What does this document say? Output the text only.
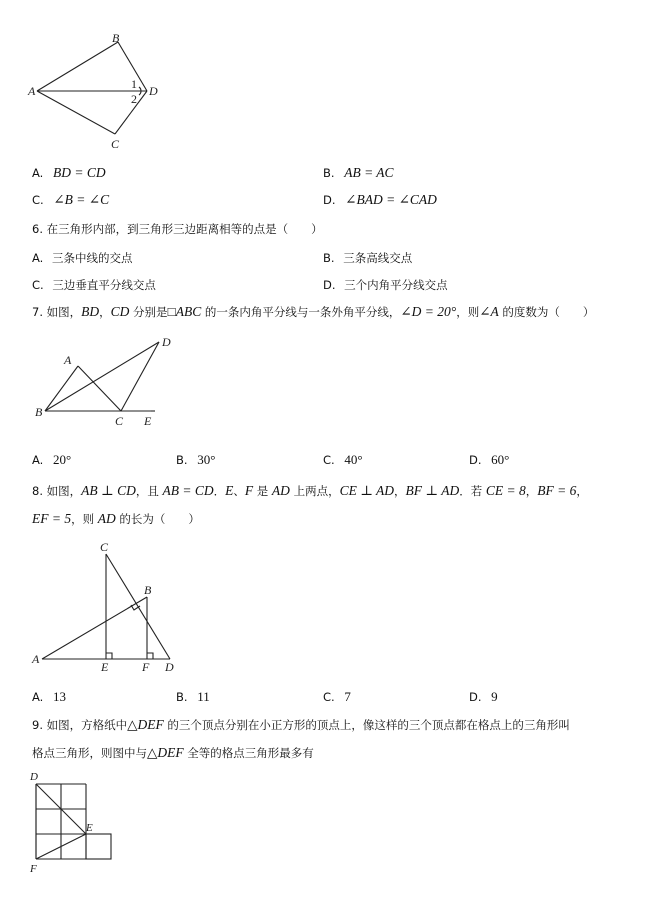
A
B
C
D
1
2
A. BD = CD	B. AB = AC
C. ∠B = ∠C	D. ∠BAD = ∠CAD
6. 在三角形内部，到三角形三边距离相等的点是（　　）
A. 三条中线的交点	B. 三条高线交点
C. 三边垂直平分线交点	D. 三个内角平分线交点
7. 如图，BD，CD 分别是□ABC 的一条内角平分线与一条外角平分线，∠D = 20°，则∠A 的度数为（　　）
A
B
C
D
E
A. 20°	B. 30°	C. 40°	D. 60°
8. 如图，AB ⊥ CD，且 AB = CD．E、F 是 AD 上两点，CE ⊥ AD，BF ⊥ AD．若 CE = 8，BF = 6，
EF = 5，则 AD 的长为（　　）
A
B
C
D
E	F
A. 13	B. 11	C. 7	D. 9
9. 如图，方格纸中△DEF 的三个顶点分别在小正方形的顶点上，像这样的三个顶点都在格点上的三角形叫
格点三角形，则图中与△DEF 全等的格点三角形最多有
D
E
F
